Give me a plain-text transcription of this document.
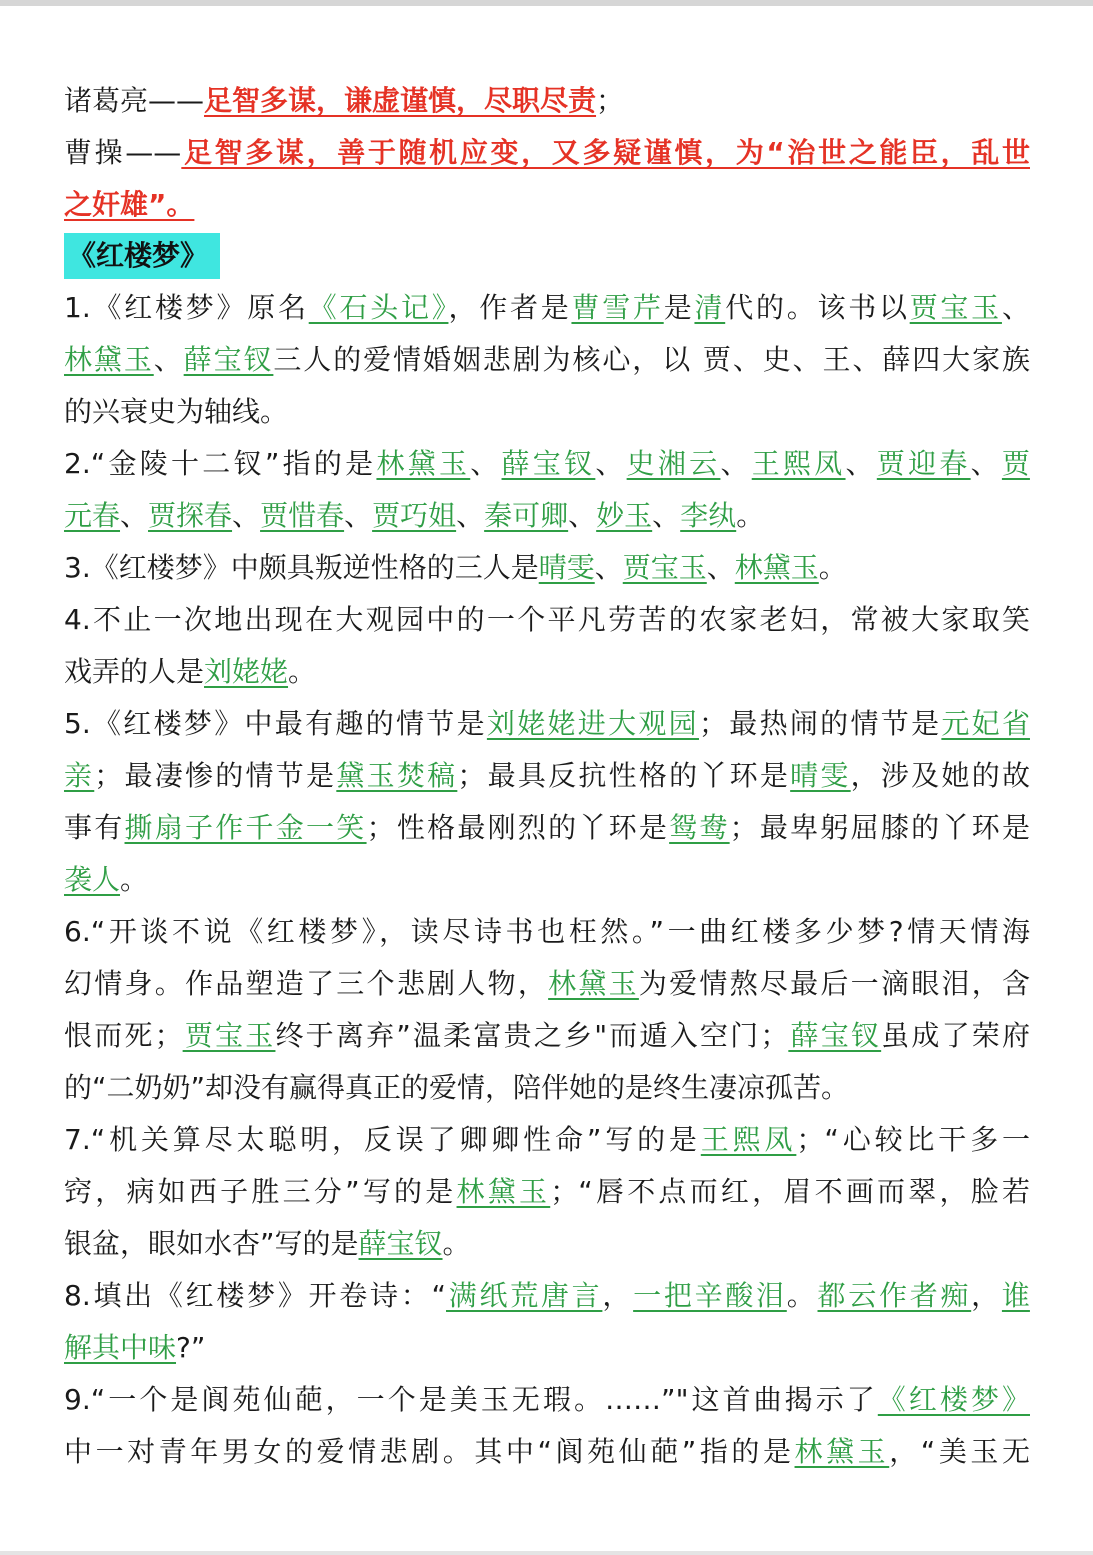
诸葛亮——足智多谋，谦虚谨慎，尽职尽责；
曹操——足智多谋，善于随机应变，又多疑谨慎，为“治世之能臣，乱世
之奸雄”。
《红楼梦》
1.《红楼梦》原名《石头记》，作者是曹雪芹是清代的。该书以贾宝玉、
林黛玉、薛宝钗三人的爱情婚姻悲剧为核心，以 贾、史、王、薛四大家族
的兴衰史为轴线。
2.“金陵十二钗”指的是林黛玉、薛宝钗、史湘云、王熙凤、贾迎春、贾
元春、贾探春、贾惜春、贾巧姐、秦可卿、妙玉、李纨。
3.《红楼梦》中颇具叛逆性格的三人是晴雯、贾宝玉、林黛玉。
4.不止一次地出现在大观园中的一个平凡劳苦的农家老妇，常被大家取笑
戏弄的人是刘姥姥。
5.《红楼梦》中最有趣的情节是刘姥姥进大观园；最热闹的情节是元妃省
亲；最凄惨的情节是黛玉焚稿；最具反抗性格的丫环是晴雯，涉及她的故
事有撕扇子作千金一笑；性格最刚烈的丫环是鸳鸯；最卑躬屈膝的丫环是
袭人。
6.“开谈不说《红楼梦》，读尽诗书也枉然。”一曲红楼多少梦?情天情海
幻情身。作品塑造了三个悲剧人物，林黛玉为爱情熬尽最后一滴眼泪，含
恨而死；贾宝玉终于离弃”温柔富贵之乡"而遁入空门；薛宝钗虽成了荣府
的“二奶奶”却没有赢得真正的爱情，陪伴她的是终生凄凉孤苦。
7.“机关算尽太聪明，反误了卿卿性命”写的是王熙凤；“心较比干多一
窍，病如西子胜三分”写的是林黛玉；“唇不点而红，眉不画而翠，脸若
银盆，眼如水杏”写的是薛宝钗。
8.填出《红楼梦》开卷诗：“满纸荒唐言，一把辛酸泪。都云作者痴，谁
解其中味?”
9.“一个是阆苑仙葩，一个是美玉无瑕。……”"这首曲揭示了《红楼梦》
中一对青年男女的爱情悲剧。其中“阆苑仙葩”指的是林黛玉，“美玉无
